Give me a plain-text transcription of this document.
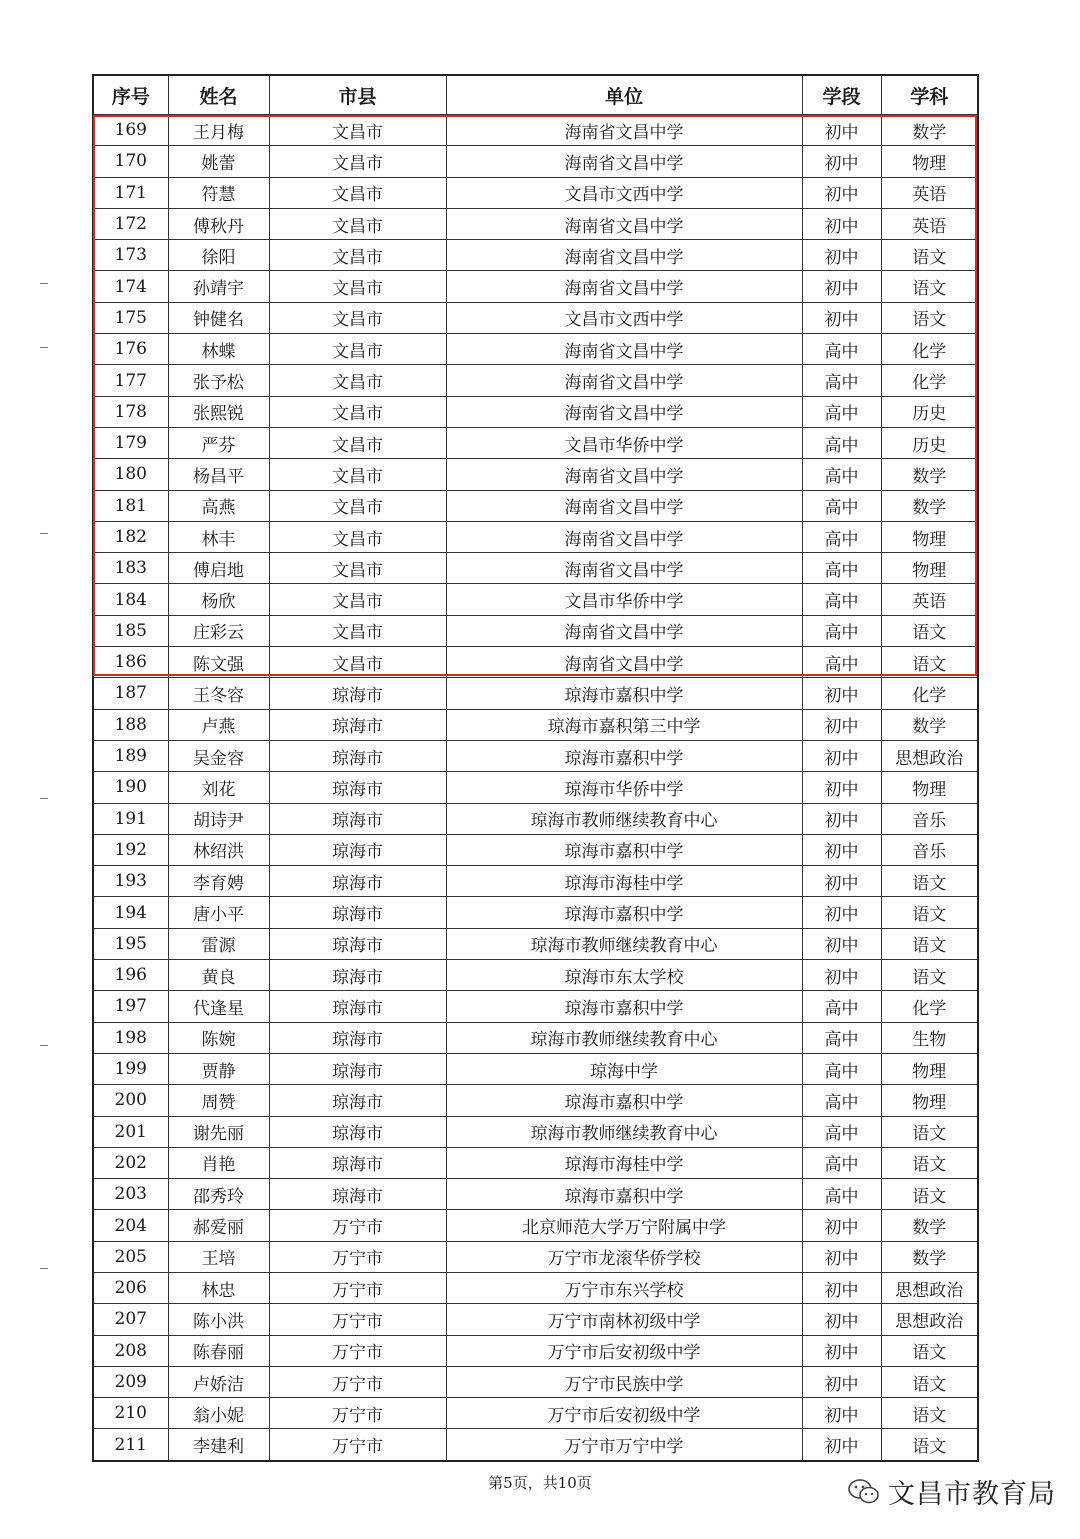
序号	姓名	市县	单位	学段	学科
169	王月梅	文昌市	海南省文昌中学	初中	数学
170	姚蕾	文昌市	海南省文昌中学	初中	物理
171	符慧	文昌市	文昌市文西中学	初中	英语
172	傅秋丹	文昌市	海南省文昌中学	初中	英语
173	徐阳	文昌市	海南省文昌中学	初中	语文
174	孙靖宇	文昌市	海南省文昌中学	初中	语文
175	钟健名	文昌市	文昌市文西中学	初中	语文
176	林蝶	文昌市	海南省文昌中学	高中	化学
177	张予松	文昌市	海南省文昌中学	高中	化学
178	张熙锐	文昌市	海南省文昌中学	高中	历史
179	严芬	文昌市	文昌市华侨中学	高中	历史
180	杨昌平	文昌市	海南省文昌中学	高中	数学
181	高燕	文昌市	海南省文昌中学	高中	数学
182	林丰	文昌市	海南省文昌中学	高中	物理
183	傅启地	文昌市	海南省文昌中学	高中	物理
184	杨欣	文昌市	文昌市华侨中学	高中	英语
185	庄彩云	文昌市	海南省文昌中学	高中	语文
186	陈文强	文昌市	海南省文昌中学	高中	语文
187	王冬容	琼海市	琼海市嘉积中学	初中	化学
188	卢燕	琼海市	琼海市嘉积第三中学	初中	数学
189	吴金容	琼海市	琼海市嘉积中学	初中	思想政治
190	刘花	琼海市	琼海市华侨中学	初中	物理
191	胡诗尹	琼海市	琼海市教师继续教育中心	初中	音乐
192	林绍洪	琼海市	琼海市嘉积中学	初中	音乐
193	李育娉	琼海市	琼海市海桂中学	初中	语文
194	唐小平	琼海市	琼海市嘉积中学	初中	语文
195	雷源	琼海市	琼海市教师继续教育中心	初中	语文
196	黄良	琼海市	琼海市东太学校	初中	语文
197	代逢星	琼海市	琼海市嘉积中学	高中	化学
198	陈婉	琼海市	琼海市教师继续教育中心	高中	生物
199	贾静	琼海市	琼海中学	高中	物理
200	周赞	琼海市	琼海市嘉积中学	高中	物理
201	谢先丽	琼海市	琼海市教师继续教育中心	高中	语文
202	肖艳	琼海市	琼海市海桂中学	高中	语文
203	邵秀玲	琼海市	琼海市嘉积中学	高中	语文
204	郝爱丽	万宁市	北京师范大学万宁附属中学	初中	数学
205	王培	万宁市	万宁市龙滚华侨学校	初中	数学
206	林忠	万宁市	万宁市东兴学校	初中	思想政治
207	陈小洪	万宁市	万宁市南林初级中学	初中	思想政治
208	陈春丽	万宁市	万宁市后安初级中学	初中	语文
209	卢娇洁	万宁市	万宁市民族中学	初中	语文
210	翁小妮	万宁市	万宁市后安初级中学	初中	语文
211	李建利	万宁市	万宁市万宁中学	初中	语文
第5页，共10页	文昌市教育局
